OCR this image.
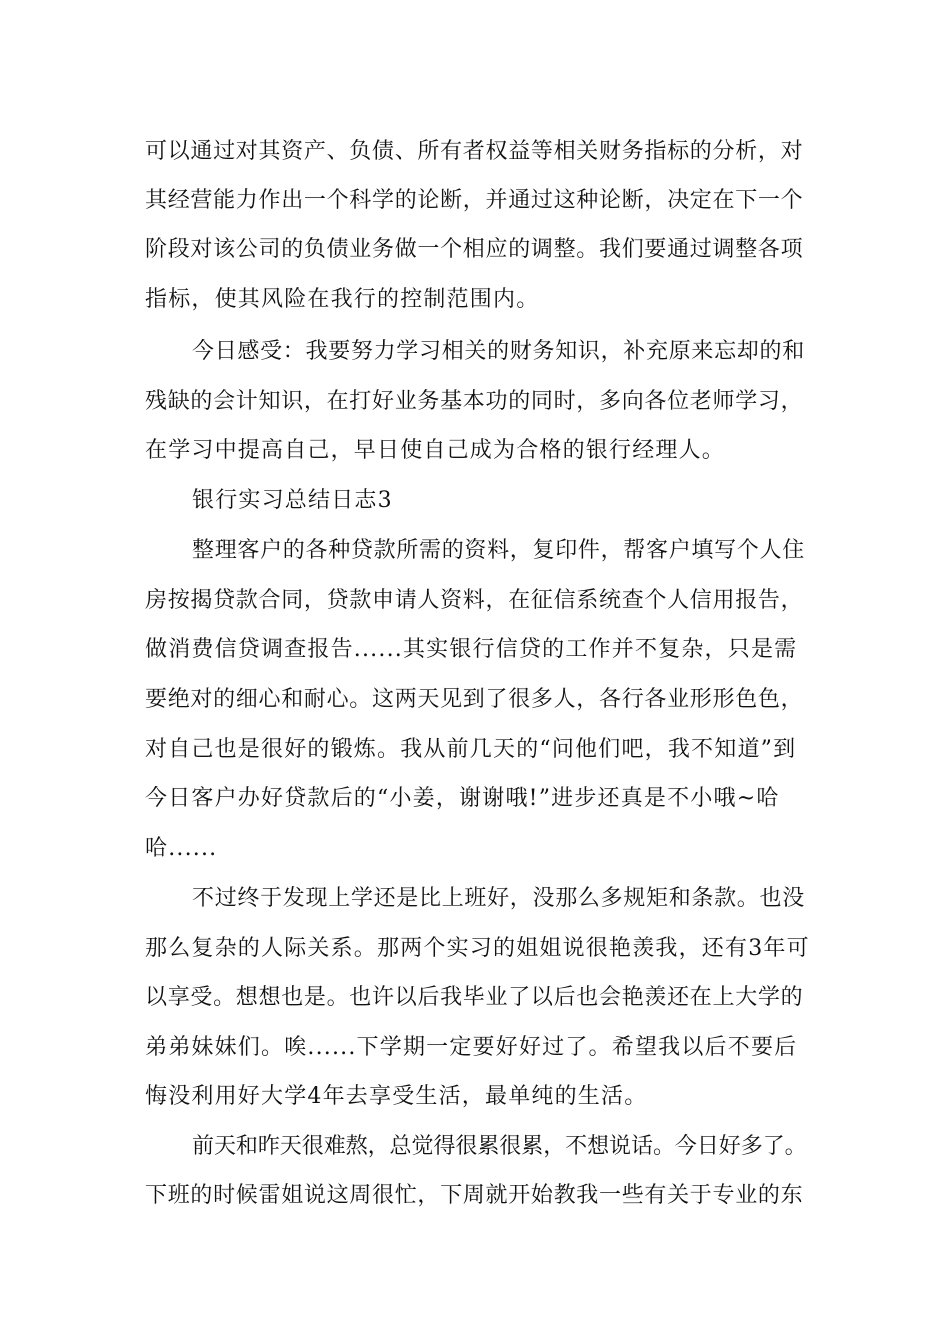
可以通过对其资产、负债、所有者权益等相关财务指标的分析，对
其经营能力作出一个科学的论断，并通过这种论断，决定在下一个
阶段对该公司的负债业务做一个相应的调整。我们要通过调整各项
指标，使其风险在我行的控制范围内。
今日感受：我要努力学习相关的财务知识，补充原来忘却的和
残缺的会计知识，在打好业务基本功的同时，多向各位老师学习，
在学习中提高自己，早日使自己成为合格的银行经理人。
银行实习总结日志3
整理客户的各种贷款所需的资料，复印件，帮客户填写个人住
房按揭贷款合同，贷款申请人资料，在征信系统查个人信用报告，
做消费信贷调查报告......其实银行信贷的工作并不复杂，只是需
要绝对的细心和耐心。这两天见到了很多人，各行各业形形色色，
对自己也是很好的锻炼。我从前几天的“问他们吧，我不知道”到
今日客户办好贷款后的“小姜，谢谢哦!”进步还真是不小哦~哈
哈......
不过终于发现上学还是比上班好，没那么多规矩和条款。也没
那么复杂的人际关系。那两个实习的姐姐说很艳羡我，还有3年可
以享受。想想也是。也许以后我毕业了以后也会艳羡还在上大学的
弟弟妹妹们。唉......下学期一定要好好过了。希望我以后不要后
悔没利用好大学4年去享受生活，最单纯的生活。
前天和昨天很难熬，总觉得很累很累，不想说话。今日好多了。
下班的时候雷姐说这周很忙，下周就开始教我一些有关于专业的东
